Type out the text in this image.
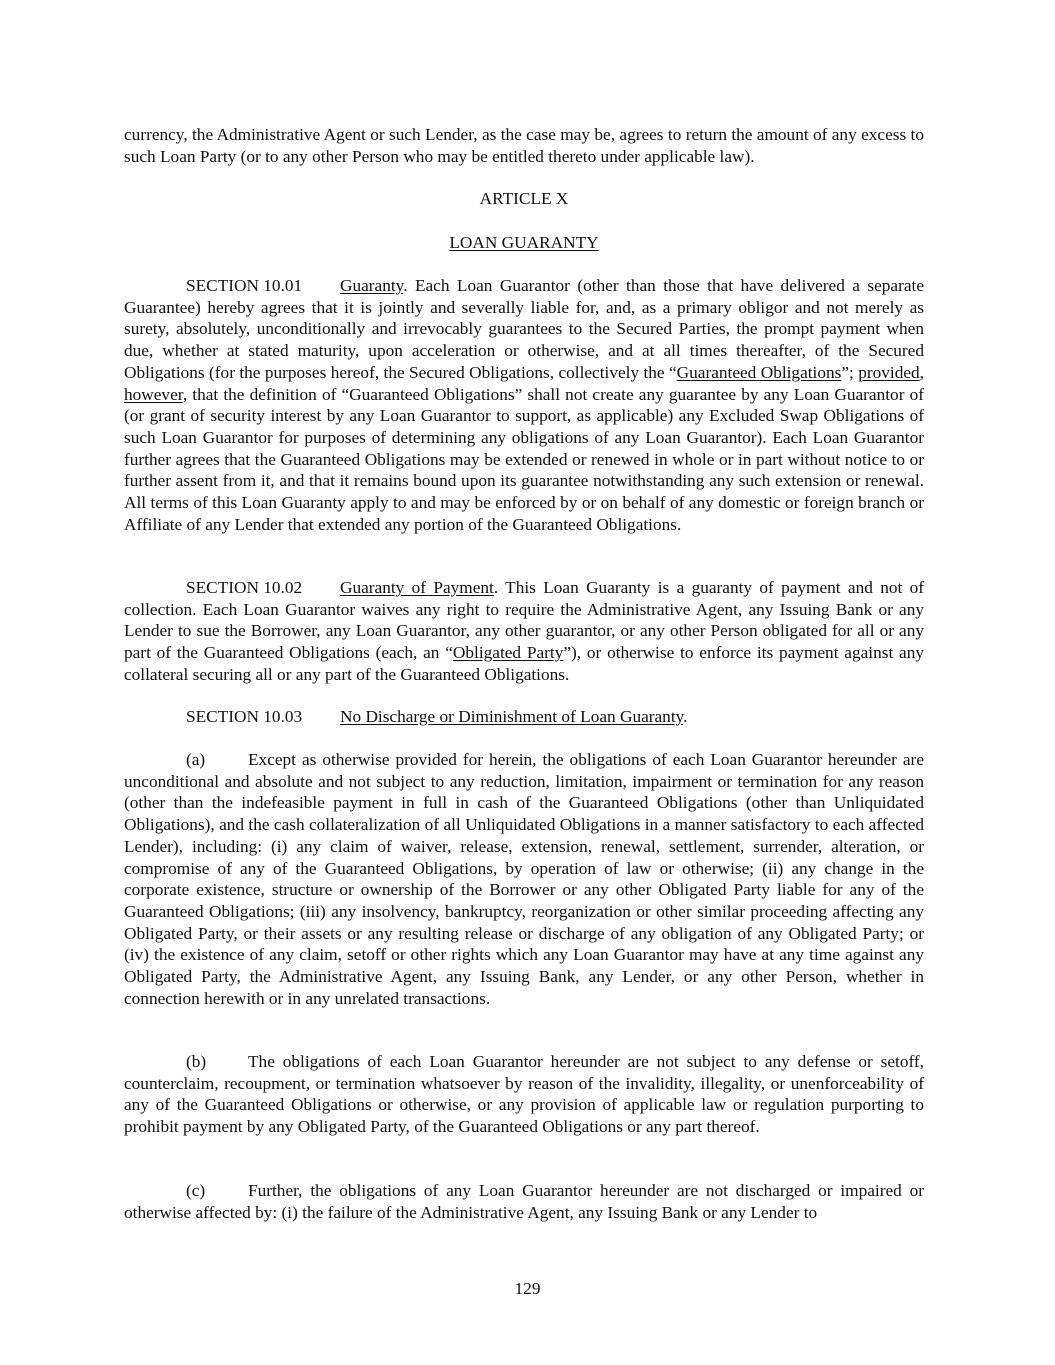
currency, the Administrative Agent or such Lender, as the case may be, agrees to return the amount of any excess to such Loan Party (or to any other Person who may be entitled thereto under applicable law).

ARTICLE X

LOAN GUARANTY

SECTION 10.01 Guaranty. Each Loan Guarantor (other than those that have delivered a separate Guarantee) hereby agrees that it is jointly and severally liable for, and, as a primary obligor and not merely as surety, absolutely, unconditionally and irrevocably guarantees to the Secured Parties, the prompt payment when due, whether at stated maturity, upon acceleration or otherwise, and at all times thereafter, of the Secured Obligations (for the purposes hereof, the Secured Obligations, collectively the “Guaranteed Obligations”; provided, however, that the definition of “Guaranteed Obligations” shall not create any guarantee by any Loan Guarantor of (or grant of security interest by any Loan Guarantor to support, as applicable) any Excluded Swap Obligations of such Loan Guarantor for purposes of determining any obligations of any Loan Guarantor). Each Loan Guarantor further agrees that the Guaranteed Obligations may be extended or renewed in whole or in part without notice to or further assent from it, and that it remains bound upon its guarantee notwithstanding any such extension or renewal. All terms of this Loan Guaranty apply to and may be enforced by or on behalf of any domestic or foreign branch or Affiliate of any Lender that extended any portion of the Guaranteed Obligations.

SECTION 10.02 Guaranty of Payment. This Loan Guaranty is a guaranty of payment and not of collection. Each Loan Guarantor waives any right to require the Administrative Agent, any Issuing Bank or any Lender to sue the Borrower, any Loan Guarantor, any other guarantor, or any other Person obligated for all or any part of the Guaranteed Obligations (each, an “Obligated Party”), or otherwise to enforce its payment against any collateral securing all or any part of the Guaranteed Obligations.

SECTION 10.03 No Discharge or Diminishment of Loan Guaranty.

(a) Except as otherwise provided for herein, the obligations of each Loan Guarantor hereunder are unconditional and absolute and not subject to any reduction, limitation, impairment or termination for any reason (other than the indefeasible payment in full in cash of the Guaranteed Obligations (other than Unliquidated Obligations), and the cash collateralization of all Unliquidated Obligations in a manner satisfactory to each affected Lender), including: (i) any claim of waiver, release, extension, renewal, settlement, surrender, alteration, or compromise of any of the Guaranteed Obligations, by operation of law or otherwise; (ii) any change in the corporate existence, structure or ownership of the Borrower or any other Obligated Party liable for any of the Guaranteed Obligations; (iii) any insolvency, bankruptcy, reorganization or other similar proceeding affecting any Obligated Party, or their assets or any resulting release or discharge of any obligation of any Obligated Party; or (iv) the existence of any claim, setoff or other rights which any Loan Guarantor may have at any time against any Obligated Party, the Administrative Agent, any Issuing Bank, any Lender, or any other Person, whether in connection herewith or in any unrelated transactions.

(b) The obligations of each Loan Guarantor hereunder are not subject to any defense or setoff, counterclaim, recoupment, or termination whatsoever by reason of the invalidity, illegality, or unenforceability of any of the Guaranteed Obligations or otherwise, or any provision of applicable law or regulation purporting to prohibit payment by any Obligated Party, of the Guaranteed Obligations or any part thereof.

(c) Further, the obligations of any Loan Guarantor hereunder are not discharged or impaired or otherwise affected by: (i) the failure of the Administrative Agent, any Issuing Bank or any Lender to

129
